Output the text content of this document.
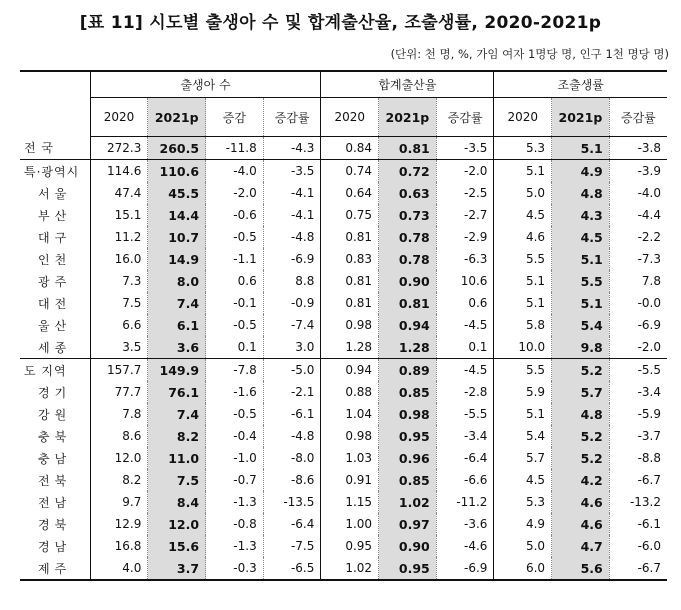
[표 11] 시도별 출생아 수 및 합계출산율, 조출생률, 2020-2021p
(단위: 천 명, %, 가임 여자 1명당 명, 인구 1천 명당 명)
	출생아 수				합계출산율			조출생률		
	2020	2021p	증감	증감률	2020	2021p	증감률	2020	2021p	증감률
전 국	272.3	260.5	-11.8	-4.3	0.84	0.81	-3.5	5.3	5.1	-3.8
특·광역시	114.6	110.6	-4.0	-3.5	0.74	0.72	-2.0	5.1	4.9	-3.9
서울	47.4	45.5	-2.0	-4.1	0.64	0.63	-2.5	5.0	4.8	-4.0
부산	15.1	14.4	-0.6	-4.1	0.75	0.73	-2.7	4.5	4.3	-4.4
대구	11.2	10.7	-0.5	-4.8	0.81	0.78	-2.9	4.6	4.5	-2.2
인천	16.0	14.9	-1.1	-6.9	0.83	0.78	-6.3	5.5	5.1	-7.3
광주	7.3	8.0	0.6	8.8	0.81	0.90	10.6	5.1	5.5	7.8
대전	7.5	7.4	-0.1	-0.9	0.81	0.81	0.6	5.1	5.1	-0.0
울산	6.6	6.1	-0.5	-7.4	0.98	0.94	-4.5	5.8	5.4	-6.9
세종	3.5	3.6	0.1	3.0	1.28	1.28	0.1	10.0	9.8	-2.0
도 지역	157.7	149.9	-7.8	-5.0	0.94	0.89	-4.5	5.5	5.2	-5.5
경기	77.7	76.1	-1.6	-2.1	0.88	0.85	-2.8	5.9	5.7	-3.4
강원	7.8	7.4	-0.5	-6.1	1.04	0.98	-5.5	5.1	4.8	-5.9
충북	8.6	8.2	-0.4	-4.8	0.98	0.95	-3.4	5.4	5.2	-3.7
충남	12.0	11.0	-1.0	-8.0	1.03	0.96	-6.4	5.7	5.2	-8.8
전북	8.2	7.5	-0.7	-8.6	0.91	0.85	-6.6	4.5	4.2	-6.7
전남	9.7	8.4	-1.3	-13.5	1.15	1.02	-11.2	5.3	4.6	-13.2
경북	12.9	12.0	-0.8	-6.4	1.00	0.97	-3.6	4.9	4.6	-6.1
경남	16.8	15.6	-1.3	-7.5	0.95	0.90	-4.6	5.0	4.7	-6.0
제주	4.0	3.7	-0.3	-6.5	1.02	0.95	-6.9	6.0	5.6	-6.7
